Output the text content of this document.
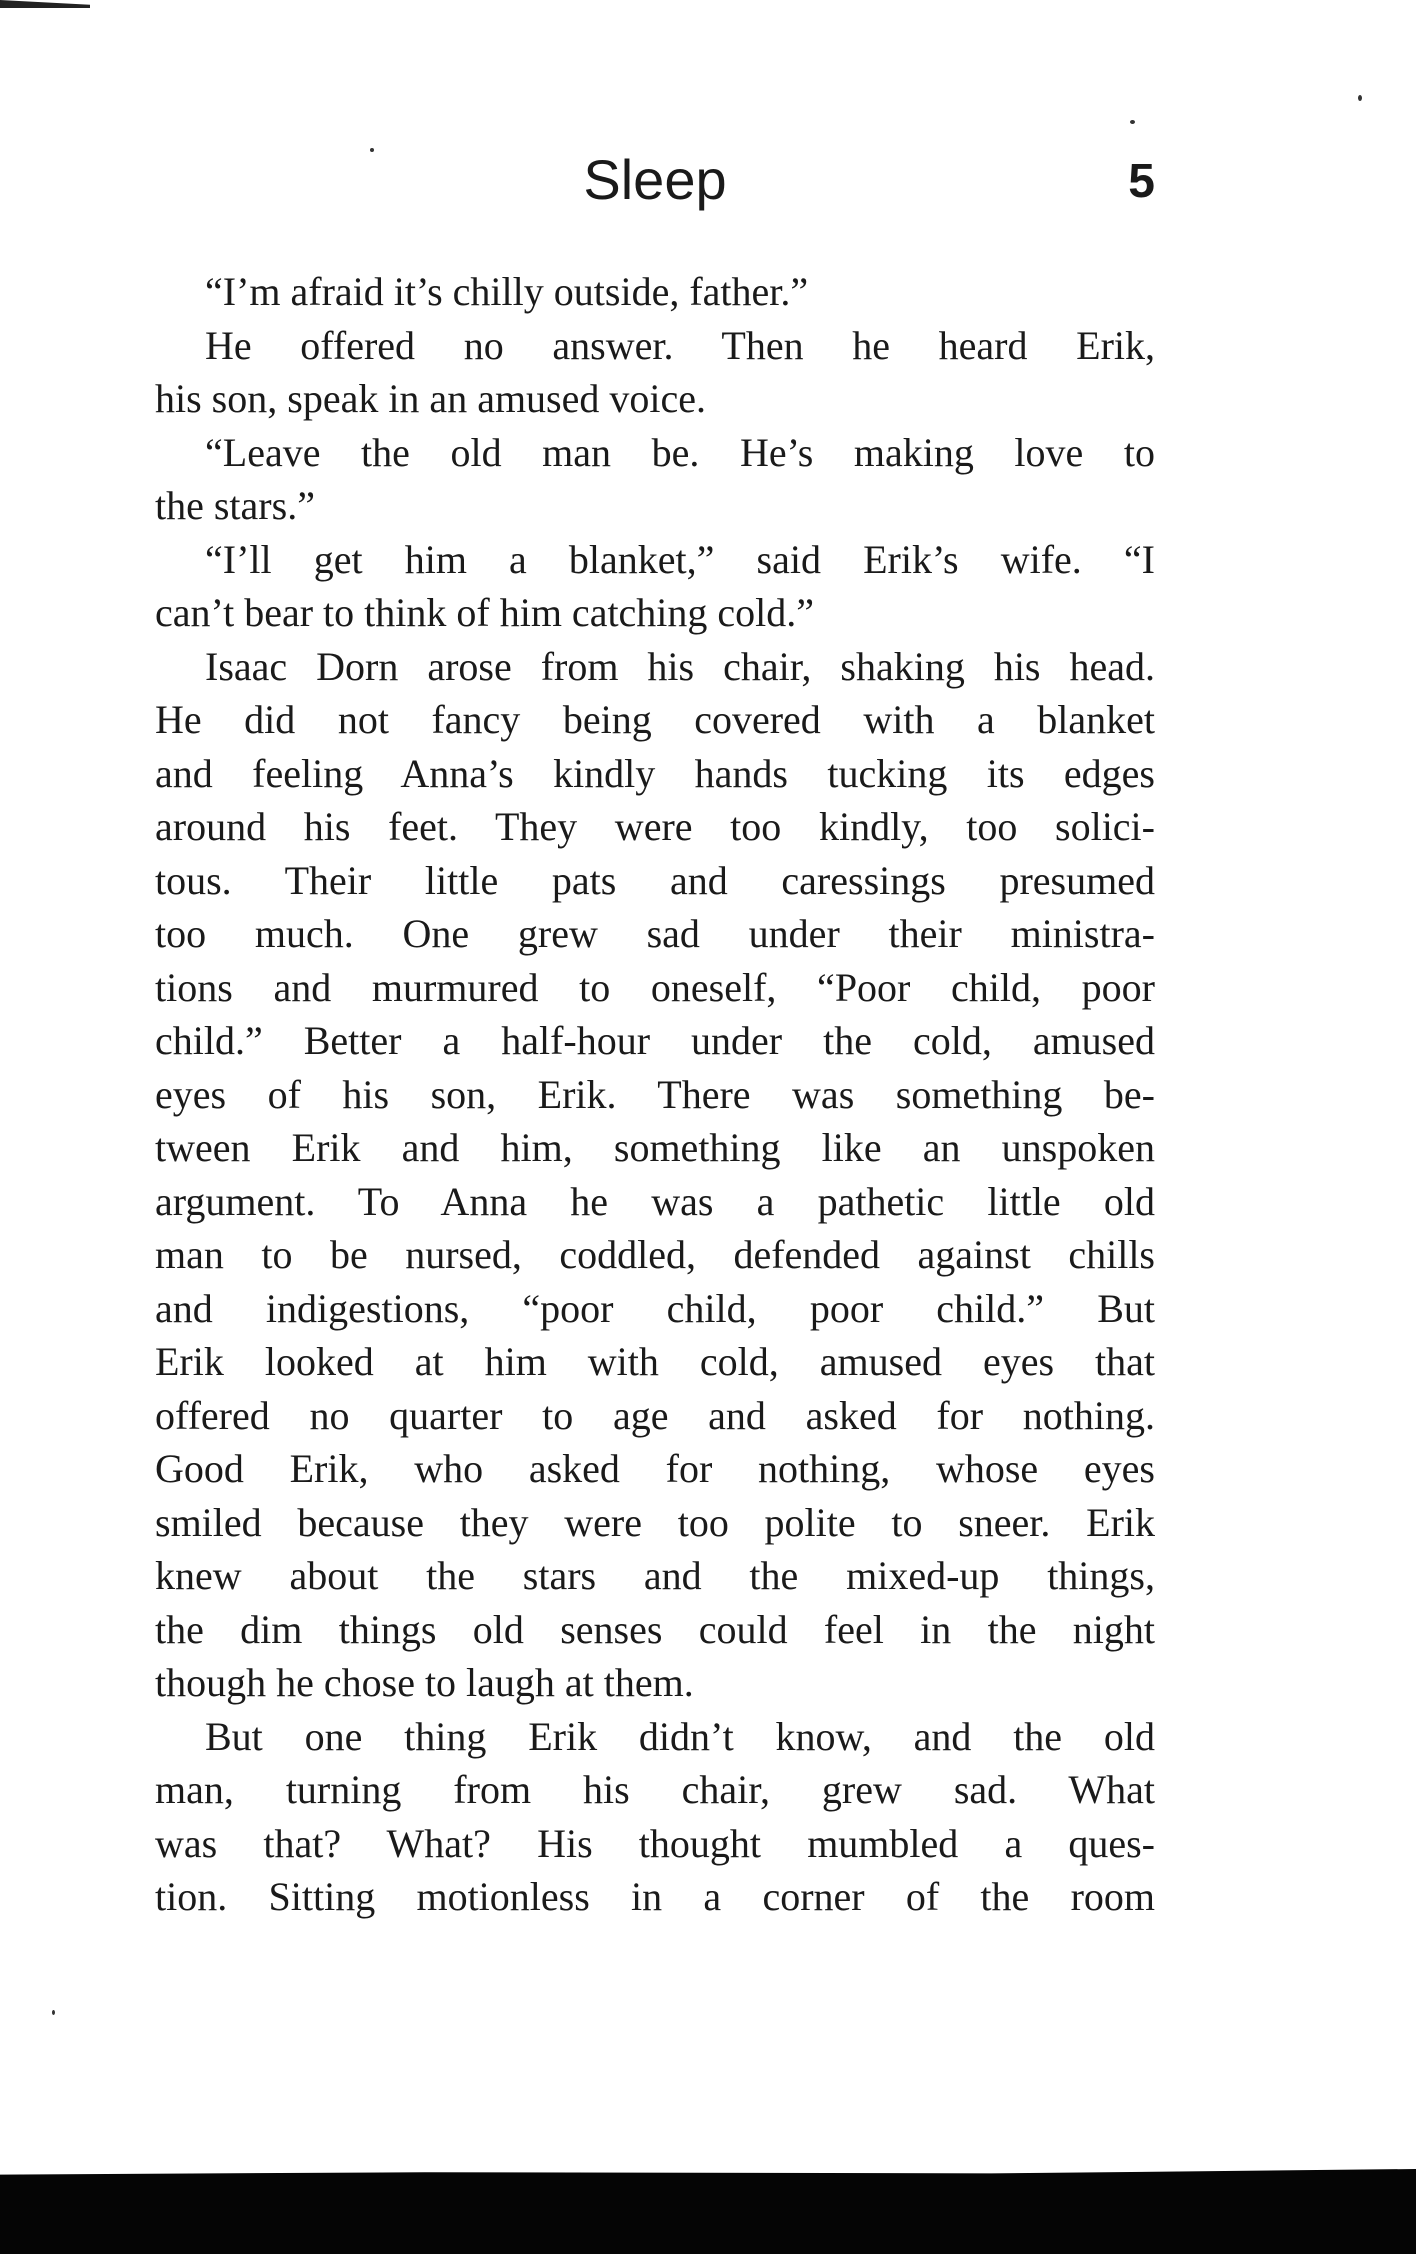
Sleep	5
“I’m afraid it’s chilly outside, father.”
He offered no answer. Then he heard Erik,
his son, speak in an amused voice.
“Leave the old man be. He’s making love to
the stars.”
“I’ll get him a blanket,” said Erik’s wife. “I
can’t bear to think of him catching cold.”
Isaac Dorn arose from his chair, shaking his head.
He did not fancy being covered with a blanket
and feeling Anna’s kindly hands tucking its edges
around his feet. They were too kindly, too solici-
tous. Their little pats and caressings presumed
too much. One grew sad under their ministra-
tions and murmured to oneself, “Poor child, poor
child.” Better a half-hour under the cold, amused
eyes of his son, Erik. There was something be-
tween Erik and him, something like an unspoken
argument. To Anna he was a pathetic little old
man to be nursed, coddled, defended against chills
and indigestions, “poor child, poor child.” But
Erik looked at him with cold, amused eyes that
offered no quarter to age and asked for nothing.
Good Erik, who asked for nothing, whose eyes
smiled because they were too polite to sneer. Erik
knew about the stars and the mixed-up things,
the dim things old senses could feel in the night
though he chose to laugh at them.
But one thing Erik didn’t know, and the old
man, turning from his chair, grew sad. What
was that? What? His thought mumbled a ques-
tion. Sitting motionless in a corner of the room
